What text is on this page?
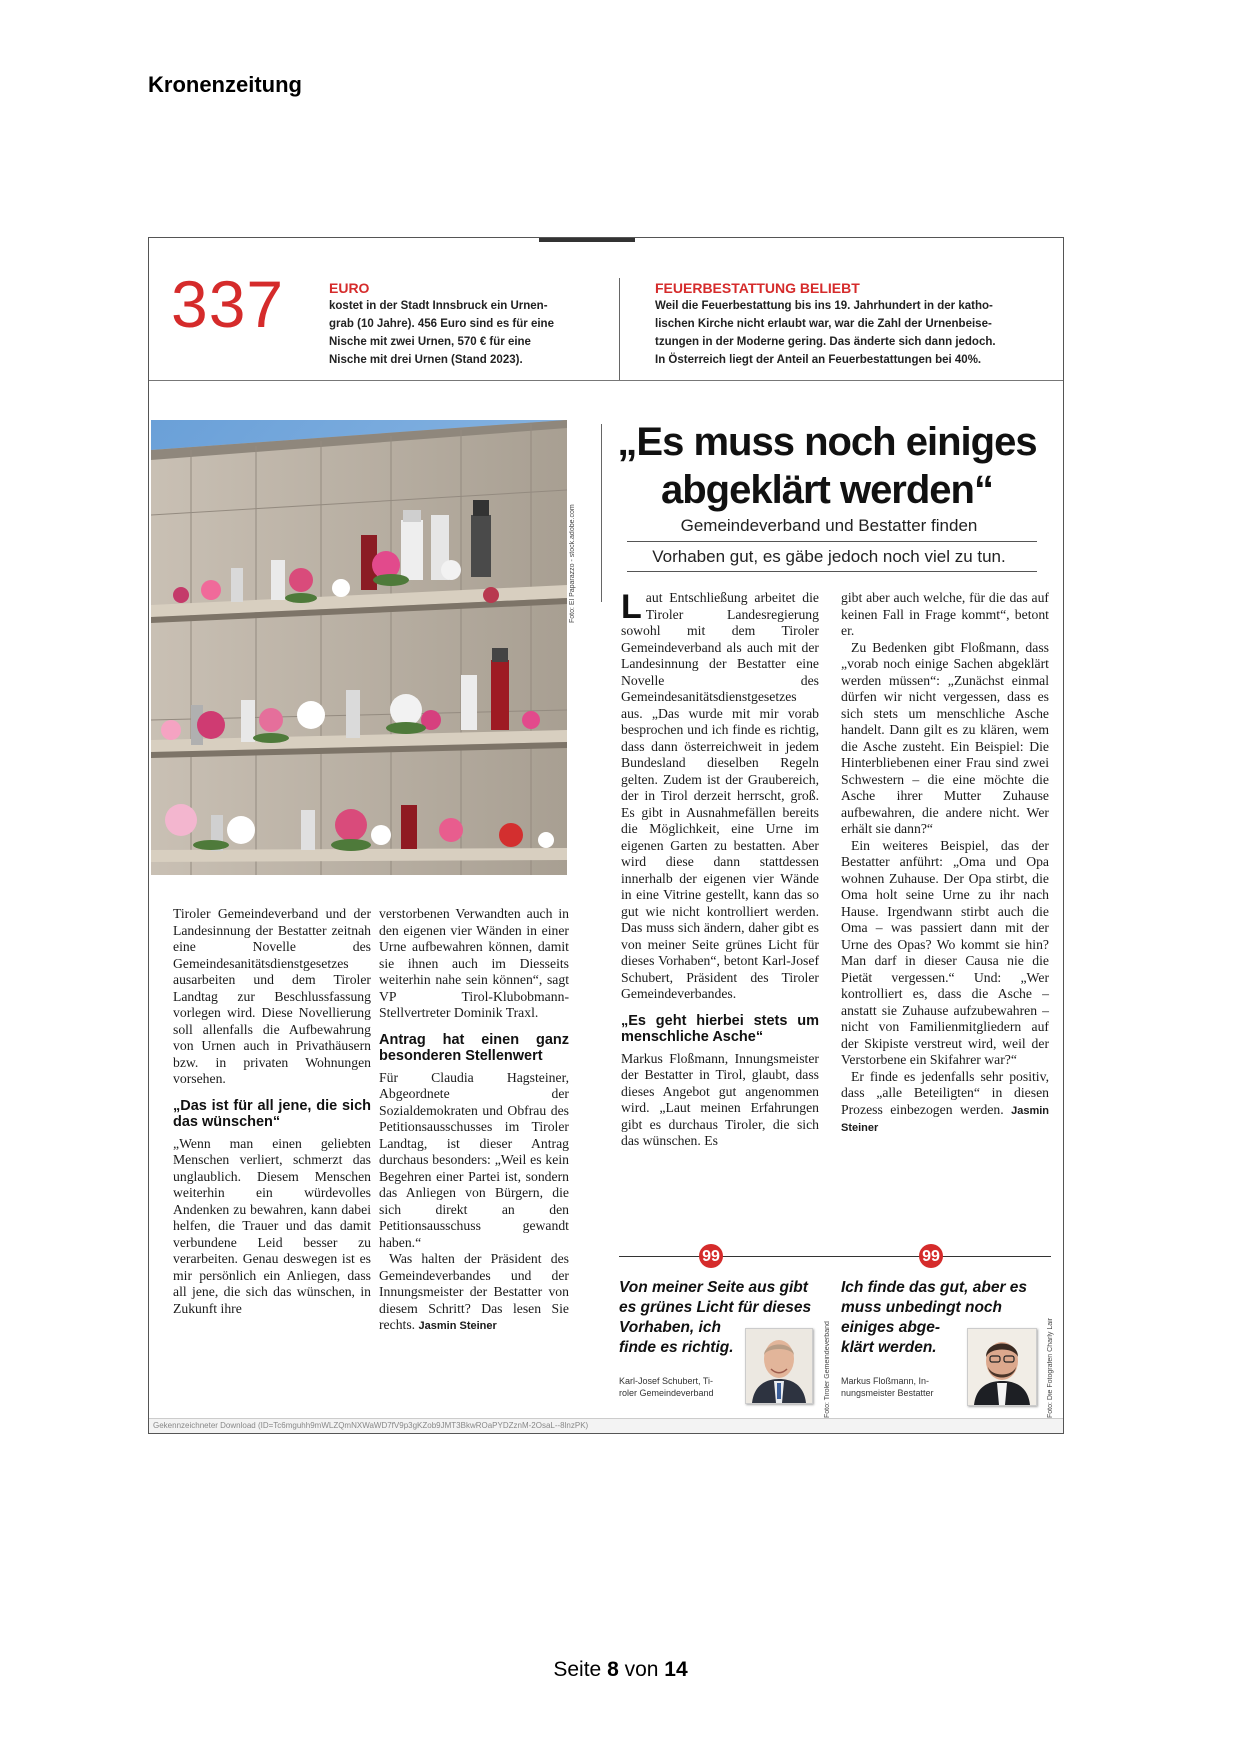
Kronenzeitung
337	EURO
kostet in der Stadt Innsbruck ein Urnen-
grab (10 Jahre). 456 Euro sind es für eine
Nische mit zwei Urnen, 570 € für eine
Nische mit drei Urnen (Stand 2023).
FEUERBESTATTUNG BELIEBT
Weil die Feuerbestattung bis ins 19. Jahrhundert in der katho-
lischen Kirche nicht erlaubt war, war die Zahl der Urnenbeise-
tzungen in der Moderne gering. Das änderte sich dann jedoch.
In Österreich liegt der Anteil an Feuerbestattungen bei 40%.
Foto: El Paparazzo - stock.adobe.com
„Es muss noch einiges
abgeklärt werden“
Gemeindeverband und Bestatter finden
Vorhaben gut, es gäbe jedoch noch viel zu tun.

Laut Entschließung arbeitet die Tiroler Landesregierung sowohl mit dem Tiroler Gemeindeverband als auch mit der Landesinnung der Bestatter eine Novelle des Gemeindesanitätsdienstgesetzes aus. „Das wurde mit mir vorab besprochen und ich finde es richtig, dass dann österreichweit in jedem Bundesland dieselben Regeln gelten. Zudem ist der Graubereich, der in Tirol derzeit herrscht, groß. Es gibt in Ausnahmefällen bereits die Möglichkeit, eine Urne im eigenen Garten zu bestatten. Aber wird diese dann stattdessen innerhalb der eigenen vier Wände in eine Vitrine gestellt, kann das so gut wie nicht kontrolliert werden. Das muss sich ändern, daher gibt es von meiner Seite grünes Licht für dieses Vorhaben“, betont Karl-Josef Schubert, Präsident des Tiroler Gemeindeverbandes.

„Es geht hierbei stets um menschliche Asche“

Markus Floßmann, Innungsmeister der Bestatter in Tirol, glaubt, dass dieses Angebot gut angenommen wird. „Laut meinen Erfahrungen gibt es durchaus Tiroler, die sich das wünschen. Es

gibt aber auch welche, für die das auf keinen Fall in Frage kommt“, betont er.

Zu Bedenken gibt Floßmann, dass „vorab noch einige Sachen abgeklärt werden müssen“: „Zunächst einmal dürfen wir nicht vergessen, dass es sich stets um menschliche Asche handelt. Dann gilt es zu klären, wem die Asche zusteht. Ein Beispiel: Die Hinterbliebenen einer Frau sind zwei Schwestern – die eine möchte die Asche ihrer Mutter Zuhause aufbewahren, die andere nicht. Wer erhält sie dann?“

Ein weiteres Beispiel, das der Bestatter anführt: „Oma und Opa wohnen Zuhause. Der Opa stirbt, die Oma holt seine Urne zu ihr nach Hause. Irgendwann stirbt auch die Oma – was passiert dann mit der Urne des Opas? Wo kommt sie hin? Man darf in dieser Causa nie die Pietät vergessen.“ Und: „Wer kontrolliert es, dass die Asche – anstatt sie Zuhause aufzubewahren – nicht von Familienmitgliedern auf der Skipiste verstreut wird, weil der Verstorbene ein Skifahrer war?“

Er finde es jedenfalls sehr positiv, dass „alle Beteiligten“ in diesen Prozess einbezogen werden. Jasmin Steiner

Tiroler Gemeindeverband und der Landesinnung der Bestatter zeitnah eine Novelle des Gemeindesanitätsdienstgesetzes ausarbeiten und dem Tiroler Landtag zur Beschlussfassung vorlegen wird. Diese Novellierung soll allenfalls die Aufbewahrung von Urnen auch in Privathäusern bzw. in privaten Wohnungen vorsehen.

„Das ist für all jene, die sich das wünschen“

„Wenn man einen geliebten Menschen verliert, schmerzt das unglaublich. Diesem Menschen weiterhin ein würdevolles Andenken zu bewahren, kann dabei helfen, die Trauer und das damit verbundene Leid besser zu verarbeiten. Genau deswegen ist es mir persönlich ein Anliegen, dass all jene, die sich das wünschen, in Zukunft ihre

verstorbenen Verwandten auch in den eigenen vier Wänden in einer Urne aufbewahren können, damit sie ihnen auch im Diesseits weiterhin nahe sein können“, sagt VP Tirol-Klubobmann-Stellvertreter Dominik Traxl.

Antrag hat einen ganz besonderen Stellenwert

Für Claudia Hagsteiner, Abgeordnete der Sozialdemokraten und Obfrau des Petitionsausschusses im Tiroler Landtag, ist dieser Antrag durchaus besonders: „Weil es kein Begehren einer Partei ist, sondern das Anliegen von Bürgern, die sich direkt an den Petitionsausschuss gewandt haben.“

Was halten der Präsident des Gemeindeverbandes und der Innungsmeister der Bestatter von diesem Schritt? Das lesen Sie rechts. Jasmin Steiner

99	99
Von meiner Seite aus gibt
es grünes Licht für dieses
Vorhaben, ich
finde es richtig.
Karl-Josef Schubert, Ti-
roler Gemeindeverband	Foto: Tiroler Gemeindeverband
Ich finde das gut, aber es
muss unbedingt noch
einiges abge-
klärt werden.
Markus Floßmann, In-
nungsmeister Bestatter	Foto: Die Fotografen Charly Lair
Gekennzeichneter Download (ID=Tc6mguhh9mWLZQmNXWaWD7fV9p3gKZob9JMT3BkwROaPYDZznM-2OsaL--8lnzPK)
Seite 8 von 14
